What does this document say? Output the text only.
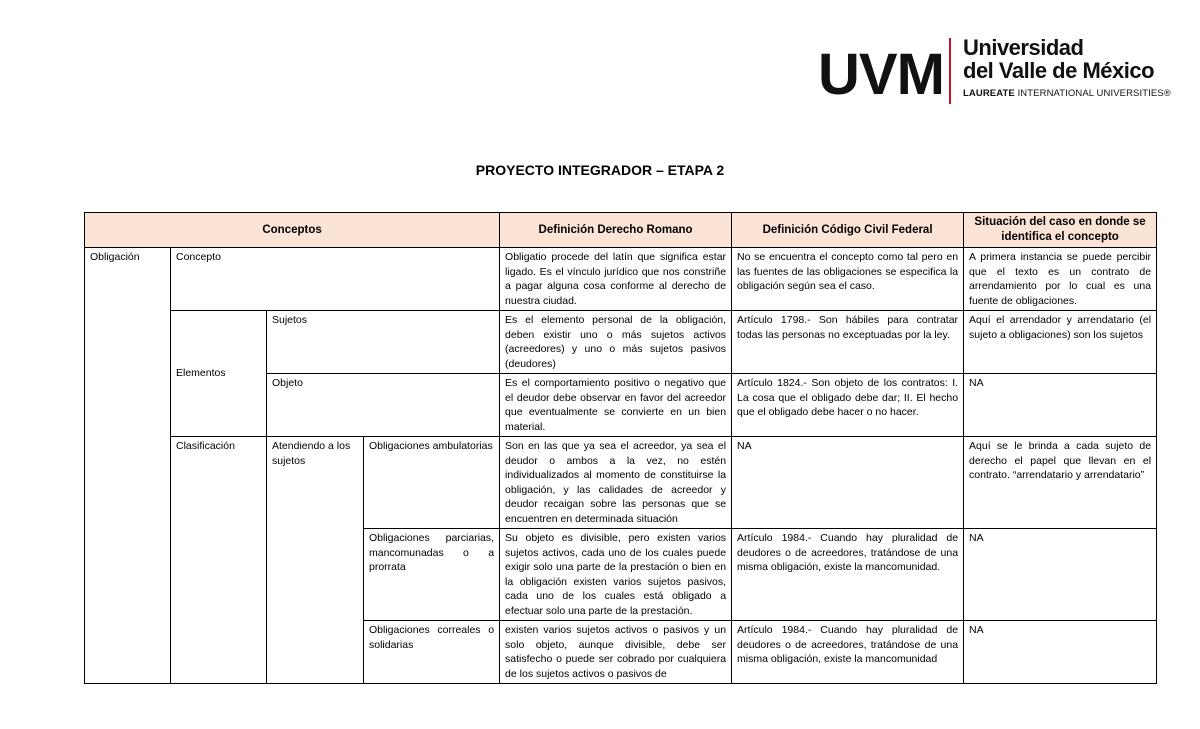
UVM Universidad
del Valle de México
LAUREATE INTERNATIONAL UNIVERSITIES®
PROYECTO INTEGRADOR – ETAPA 2
Conceptos				Definición Derecho Romano	Definición Código Civil Federal	Situación del caso en donde se identifica el concepto
Obligación	Concepto			Obligatio procede del latín que significa estar ligado. Es el vínculo jurídico que nos constriñe a pagar alguna cosa conforme al derecho de nuestra ciudad.	No se encuentra el concepto como tal pero en las fuentes de las obligaciones se especifica la obligación según sea el caso.	A primera instancia se puede percibir que el texto es un contrato de arrendamiento por lo cual es una fuente de obligaciones.
	Elementos	Sujetos		Es el elemento personal de la obligación, deben existir uno o más sujetos activos (acreedores) y uno o más sujetos pasivos (deudores)	Artículo 1798.- Son hábiles para contratar todas las personas no exceptuadas por la ley.	Aquí el arrendador y arrendatario (el sujeto a obligaciones) son los sujetos
		Objeto		Es el comportamiento positivo o negativo que el deudor debe observar en favor del acreedor que eventualmente se convierte en un bien material.	Artículo 1824.- Son objeto de los contratos: I. La cosa que el obligado debe dar; II. El hecho que el obligado debe hacer o no hacer.	NA
	Clasificación	Atendiendo a los sujetos	Obligaciones ambulatorias	Son en las que ya sea el acreedor, ya sea el deudor o ambos a la vez, no estén individualizados al momento de constituirse la obligación, y las calidades de acreedor y deudor recaigan sobre las personas que se encuentren en determinada situación	NA	Aquí se le brinda a cada sujeto de derecho el papel que llevan en el contrato. “arrendatario y arrendatario”
			Obligaciones parciarias, mancomunadas o a prorrata	Su objeto es divisible, pero existen varios sujetos activos, cada uno de los cuales puede exigir solo una parte de la prestación o bien en la obligación existen varios sujetos pasivos, cada uno de los cuales está obligado a efectuar solo una parte de la prestación.	Artículo 1984.- Cuando hay pluralidad de deudores o de acreedores, tratándose de una misma obligación, existe la mancomunidad.	NA
			Obligaciones correales o solidarias	existen varios sujetos activos o pasivos y un solo objeto, aunque divisible, debe ser satisfecho o puede ser cobrado por cualquiera de los sujetos activos o pasivos de	Artículo 1984.- Cuando hay pluralidad de deudores o de acreedores, tratándose de una misma obligación, existe la mancomunidad	NA
